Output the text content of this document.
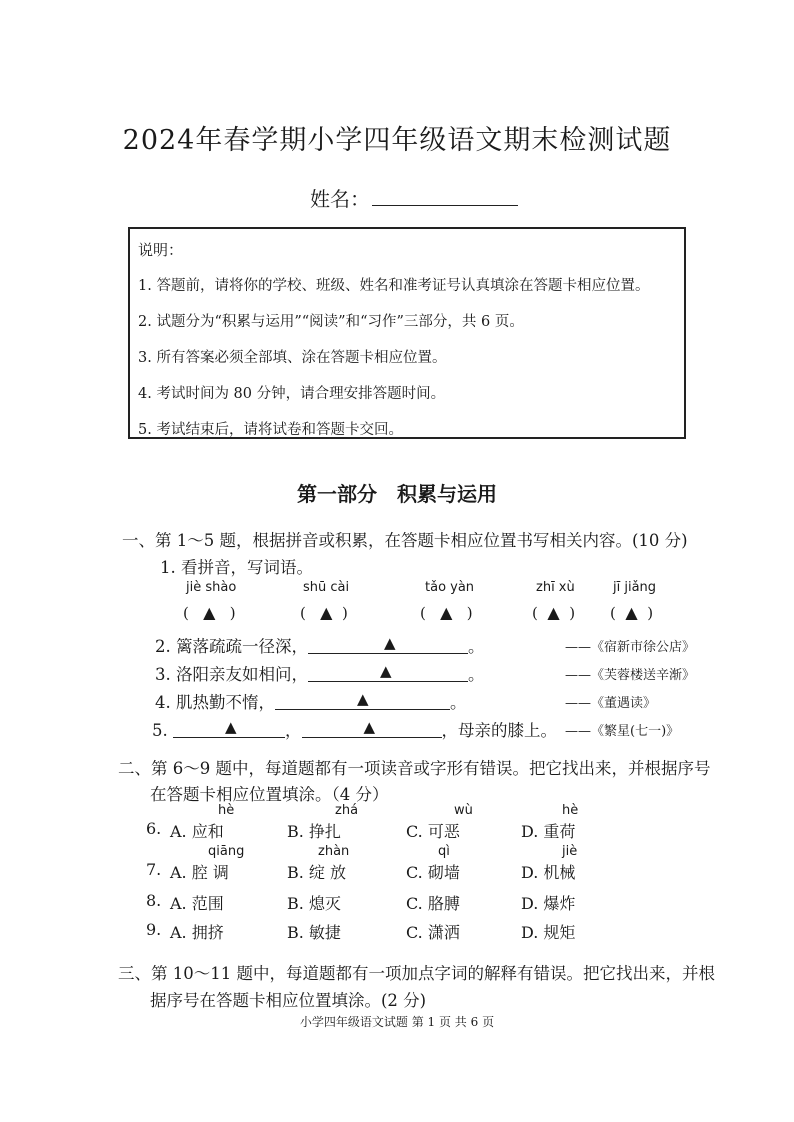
2024年春学期小学四年级语文期末检测试题
姓名：
说明：
1. 答题前，请将你的学校、班级、姓名和准考证号认真填涂在答题卡相应位置。
2. 试题分为“积累与运用”“阅读”和“习作”三部分，共 6 页。
3. 所有答案必须全部填、涂在答题卡相应位置。
4. 考试时间为 80 分钟，请合理安排答题时间。
5. 考试结束后，请将试卷和答题卡交回。
第一部分　积累与运用
一、第 1～5 题，根据拼音或积累，在答题卡相应位置书写相关内容。(10 分)
1. 看拼音，写词语。
jiè shào	shū cài	tǎo yàn	zhī xù	jī jiǎng
(   ▲   )	(   ▲  )	(   ▲   )	(  ▲  ) (  ▲  )
2. 篱落疏疏一径深，	▲	。	——《宿新市徐公店》
3. 洛阳亲友如相问，	▲	。	——《芙蓉楼送辛渐》
4. 肌热勤不惰，	▲	。	——《董遇读》
5.	▲	，	▲	，母亲的膝上。 ——《繁星(七一)》
二、第 6～9 题中，每道题都有一项读音或字形有错误。把它找出来，并根据序号
在答题卡相应位置填涂。（4 分）
hè	zhá	wù	hè
6. A. 应和	B. 挣扎	C. 可恶	D. 重荷
qiāng	zhàn	qì	jiè
7. A. 腔 调	B. 绽 放	C. 砌墙	D. 机械
8. A. 范围	B. 熄灭	C. 胳膊	D. 爆炸
9. A. 拥挤	B. 敏捷	C. 潇洒	D. 规矩
三、第 10～11 题中，每道题都有一项加点字词的解释有错误。把它找出来，并根
据序号在答题卡相应位置填涂。(2 分)
小学四年级语文试题 第 1 页 共 6 页
